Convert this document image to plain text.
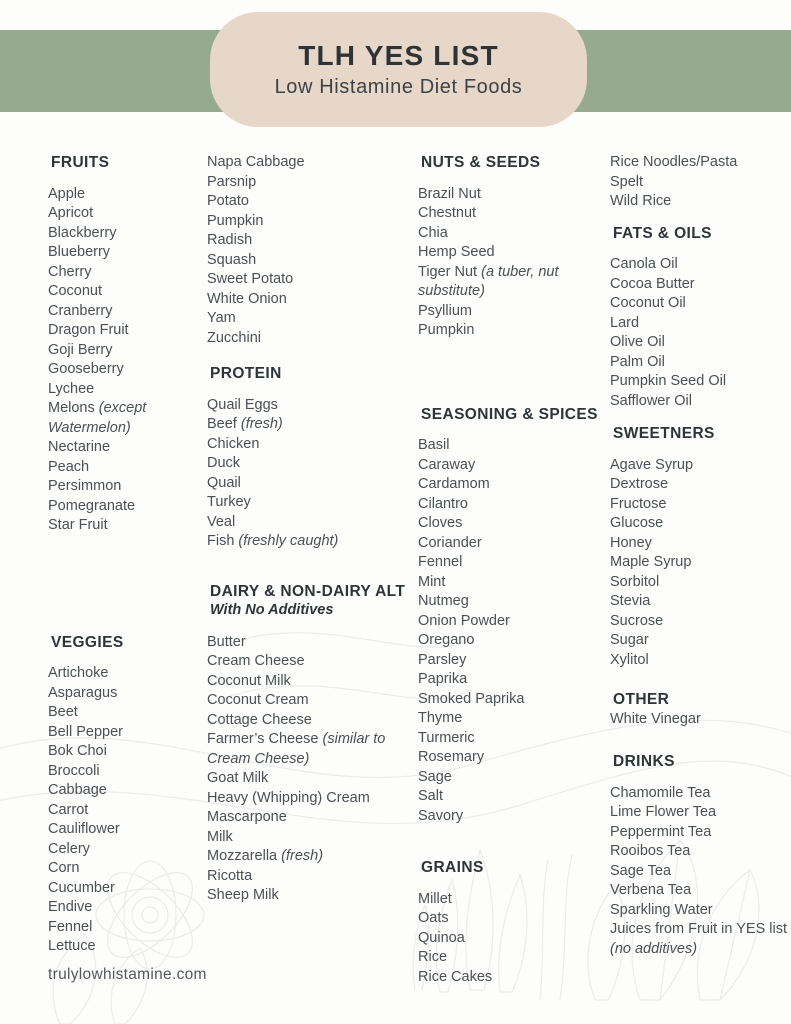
TLH YES LIST
Low Histamine Diet Foods
FRUITS
Apple
Apricot
Blackberry
Blueberry
Cherry
Coconut
Cranberry
Dragon Fruit
Goji Berry
Gooseberry
Lychee
Melons (except Watermelon)
Nectarine
Peach
Persimmon
Pomegranate
Star Fruit
VEGGIES
Artichoke
Asparagus
Beet
Bell Pepper
Bok Choi
Broccoli
Cabbage
Carrot
Cauliflower
Celery
Corn
Cucumber
Endive
Fennel
Lettuce
Napa Cabbage
Parsnip
Potato
Pumpkin
Radish
Squash
Sweet Potato
White Onion
Yam
Zucchini
PROTEIN
Quail Eggs
Beef (fresh)
Chicken
Duck
Quail
Turkey
Veal
Fish (freshly caught)
DAIRY & NON-DAIRY ALT
With No Additives
Butter
Cream Cheese
Coconut Milk
Coconut Cream
Cottage Cheese
Farmer’s Cheese (similar to Cream Cheese)
Goat Milk
Heavy (Whipping) Cream
Mascarpone
Milk
Mozzarella (fresh)
Ricotta
Sheep Milk
NUTS & SEEDS
Brazil Nut
Chestnut
Chia
Hemp Seed
Tiger Nut (a tuber, nut substitute)
Psyllium
Pumpkin
SEASONING & SPICES
Basil
Caraway
Cardamom
Cilantro
Cloves
Coriander
Fennel
Mint
Nutmeg
Onion Powder
Oregano
Parsley
Paprika
Smoked Paprika
Thyme
Turmeric
Rosemary
Sage
Salt
Savory
GRAINS
Millet
Oats
Quinoa
Rice
Rice Cakes
Rice Noodles/Pasta
Spelt
Wild Rice
FATS & OILS
Canola Oil
Cocoa Butter
Coconut Oil
Lard
Olive Oil
Palm Oil
Pumpkin Seed Oil
Safflower Oil
SWEETNERS
Agave Syrup
Dextrose
Fructose
Glucose
Honey
Maple Syrup
Sorbitol
Stevia
Sucrose
Sugar
Xylitol
OTHER
White Vinegar
DRINKS
Chamomile Tea
Lime Flower Tea
Peppermint Tea
Rooibos Tea
Sage Tea
Verbena Tea
Sparkling Water
Juices from Fruit in YES list (no additives)
trulylowhistamine.com
